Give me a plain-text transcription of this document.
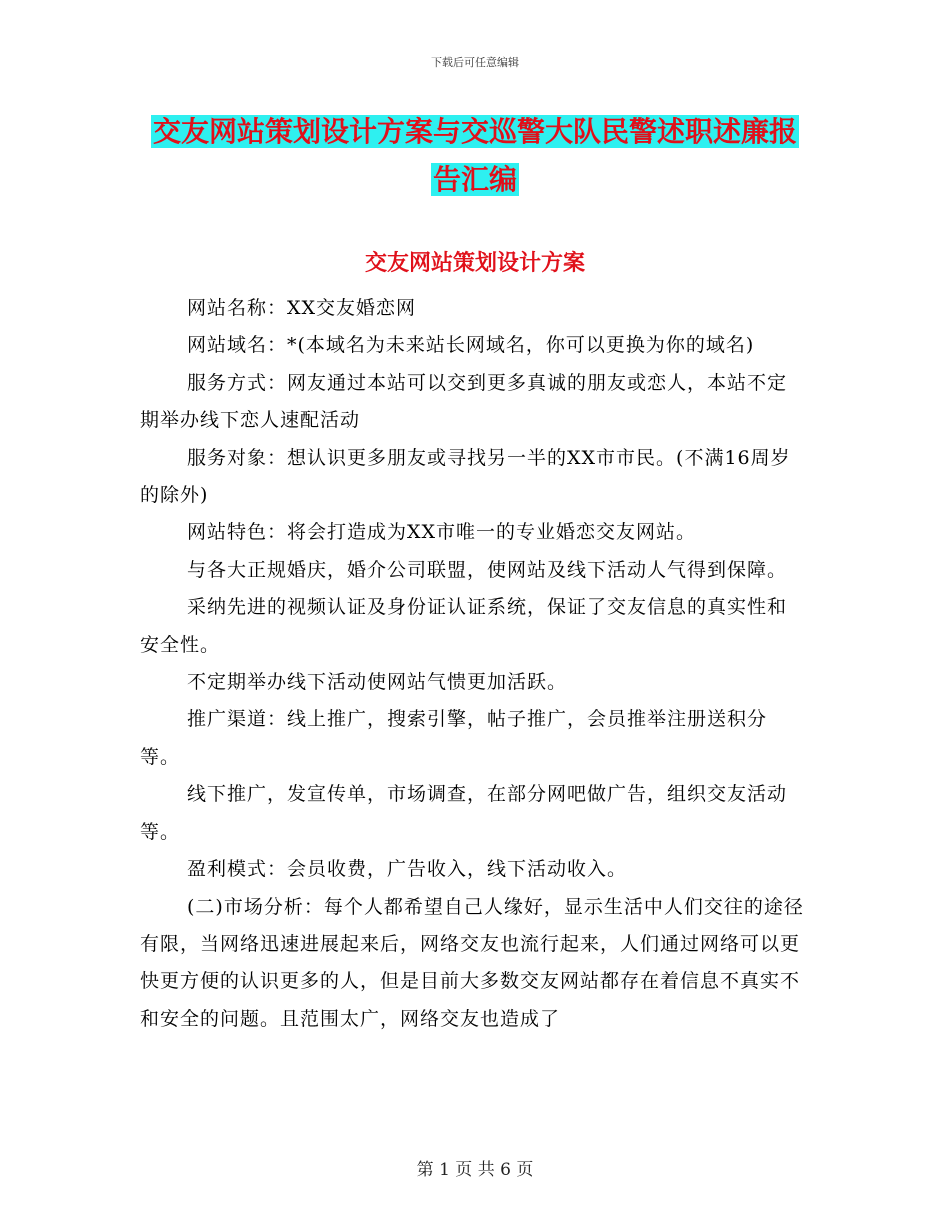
下载后可任意编辑
交友网站策划设计方案与交巡警大队民警述职述廉报
告汇编
交友网站策划设计方案

网站名称：XX交友婚恋网

网站域名：*(本域名为未来站长网域名，你可以更换为你的域名)

服务方式：网友通过本站可以交到更多真诚的朋友或恋人，本站不定期举办线下恋人速配活动

服务对象：想认识更多朋友或寻找另一半的XX市市民。(不满16周岁的除外)

网站特色：将会打造成为XX市唯一的专业婚恋交友网站。

与各大正规婚庆，婚介公司联盟，使网站及线下活动人气得到保障。

采纳先进的视频认证及身份证认证系统，保证了交友信息的真实性和安全性。

不定期举办线下活动使网站气愦更加活跃。

推广渠道：线上推广，搜索引擎，帖子推广，会员推举注册送积分等。

线下推广，发宣传单，市场调查，在部分网吧做广告，组织交友活动等。

盈利模式：会员收费，广告收入，线下活动收入。

(二)市场分析：每个人都希望自己人缘好，显示生活中人们交往的途径有限，当网络迅速进展起来后，网络交友也流行起来，人们通过网络可以更快更方便的认识更多的人，但是目前大多数交友网站都存在着信息不真实不和安全的问题。且范围太广，网络交友也造成了

第 1 页 共 6 页
